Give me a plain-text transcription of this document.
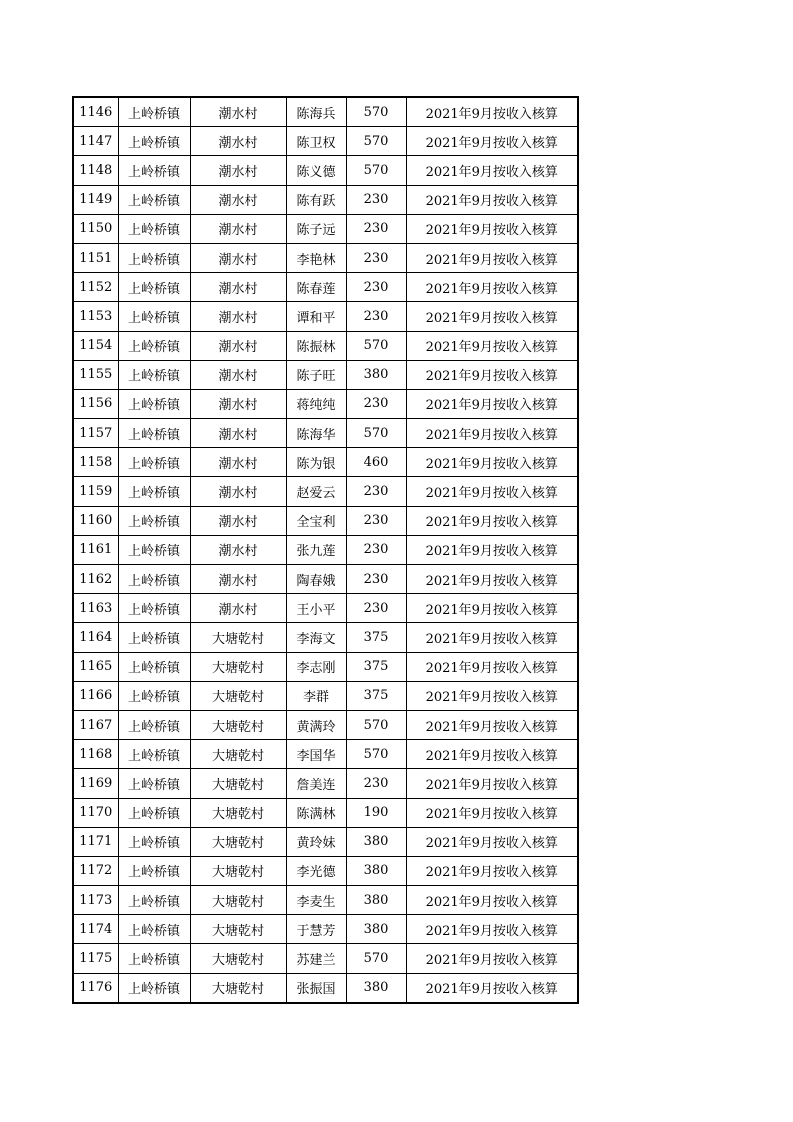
1146	上岭桥镇	潮水村	陈海兵	570	2021年9月按收入核算
1147	上岭桥镇	潮水村	陈卫权	570	2021年9月按收入核算
1148	上岭桥镇	潮水村	陈义德	570	2021年9月按收入核算
1149	上岭桥镇	潮水村	陈有跃	230	2021年9月按收入核算
1150	上岭桥镇	潮水村	陈子远	230	2021年9月按收入核算
1151	上岭桥镇	潮水村	李艳林	230	2021年9月按收入核算
1152	上岭桥镇	潮水村	陈春莲	230	2021年9月按收入核算
1153	上岭桥镇	潮水村	谭和平	230	2021年9月按收入核算
1154	上岭桥镇	潮水村	陈振林	570	2021年9月按收入核算
1155	上岭桥镇	潮水村	陈子旺	380	2021年9月按收入核算
1156	上岭桥镇	潮水村	蒋纯纯	230	2021年9月按收入核算
1157	上岭桥镇	潮水村	陈海华	570	2021年9月按收入核算
1158	上岭桥镇	潮水村	陈为银	460	2021年9月按收入核算
1159	上岭桥镇	潮水村	赵爱云	230	2021年9月按收入核算
1160	上岭桥镇	潮水村	全宝利	230	2021年9月按收入核算
1161	上岭桥镇	潮水村	张九莲	230	2021年9月按收入核算
1162	上岭桥镇	潮水村	陶春娥	230	2021年9月按收入核算
1163	上岭桥镇	潮水村	王小平	230	2021年9月按收入核算
1164	上岭桥镇	大塘乾村	李海文	375	2021年9月按收入核算
1165	上岭桥镇	大塘乾村	李志刚	375	2021年9月按收入核算
1166	上岭桥镇	大塘乾村	李群	375	2021年9月按收入核算
1167	上岭桥镇	大塘乾村	黄满玲	570	2021年9月按收入核算
1168	上岭桥镇	大塘乾村	李国华	570	2021年9月按收入核算
1169	上岭桥镇	大塘乾村	詹美连	230	2021年9月按收入核算
1170	上岭桥镇	大塘乾村	陈满林	190	2021年9月按收入核算
1171	上岭桥镇	大塘乾村	黄玲妹	380	2021年9月按收入核算
1172	上岭桥镇	大塘乾村	李光德	380	2021年9月按收入核算
1173	上岭桥镇	大塘乾村	李麦生	380	2021年9月按收入核算
1174	上岭桥镇	大塘乾村	于慧芳	380	2021年9月按收入核算
1175	上岭桥镇	大塘乾村	苏建兰	570	2021年9月按收入核算
1176	上岭桥镇	大塘乾村	张振国	380	2021年9月按收入核算
